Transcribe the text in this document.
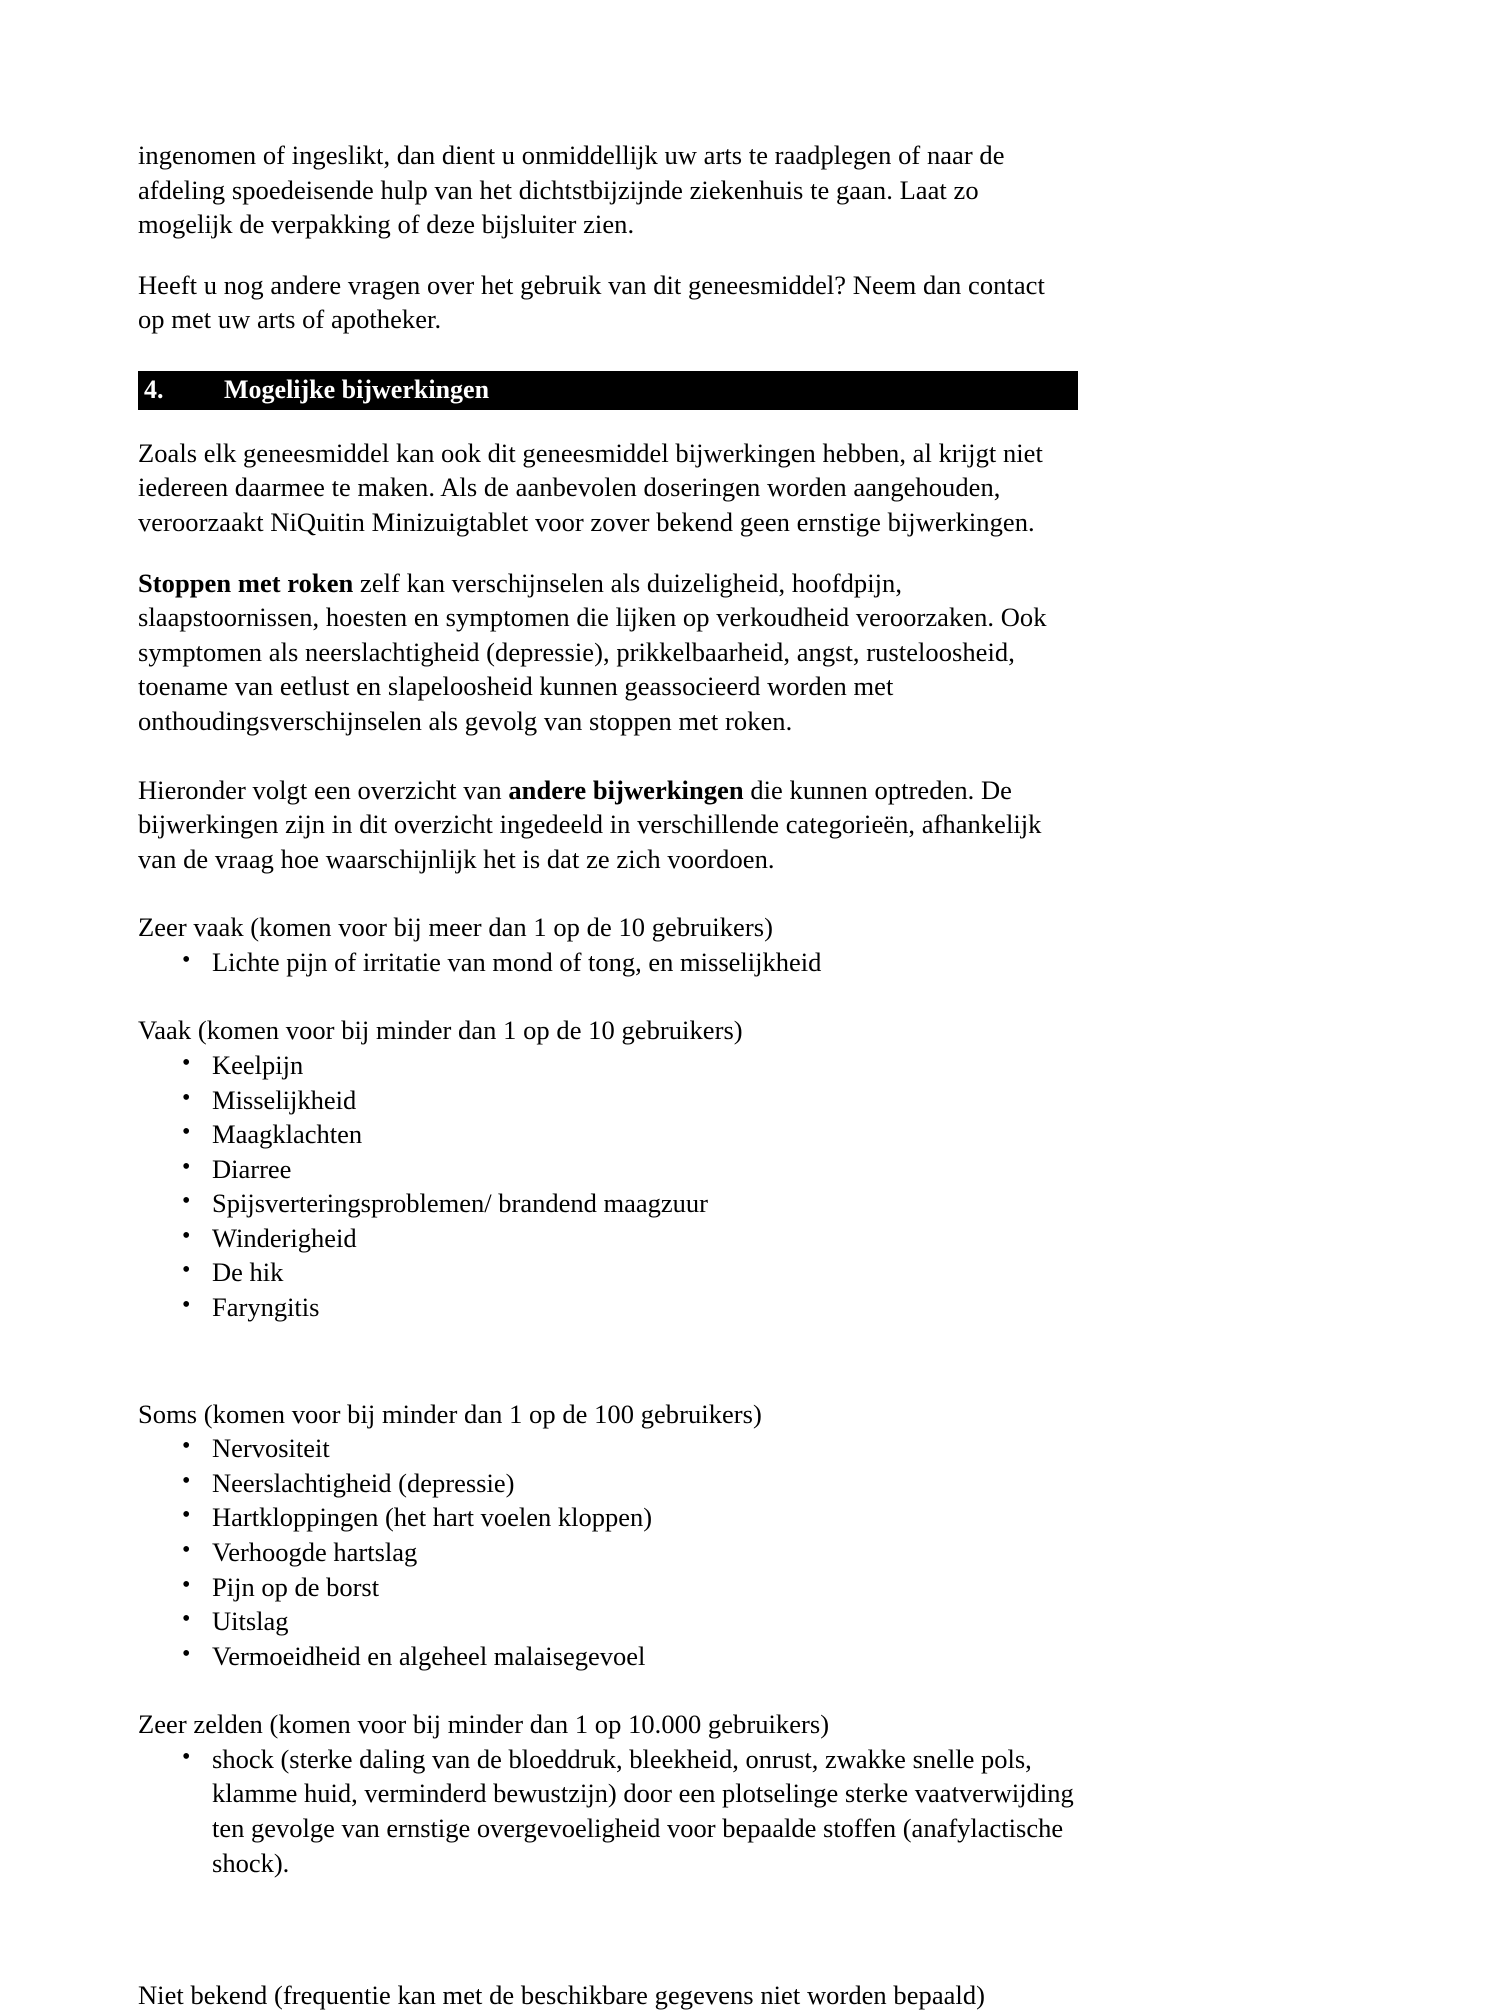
ingenomen of ingeslikt, dan dient u onmiddellijk uw arts te raadplegen of naar de afdeling spoedeisende hulp van het dichtstbijzijnde ziekenhuis te gaan. Laat zo mogelijk de verpakking of deze bijsluiter zien.

Heeft u nog andere vragen over het gebruik van dit geneesmiddel? Neem dan contact op met uw arts of apotheker.

4.	Mogelijke bijwerkingen

Zoals elk geneesmiddel kan ook dit geneesmiddel bijwerkingen hebben, al krijgt niet iedereen daarmee te maken. Als de aanbevolen doseringen worden aangehouden, veroorzaakt NiQuitin Minizuigtablet voor zover bekend geen ernstige bijwerkingen.

Stoppen met roken zelf kan verschijnselen als duizeligheid, hoofdpijn, slaapstoornissen, hoesten en symptomen die lijken op verkoudheid veroorzaken. Ook symptomen als neerslachtigheid (depressie), prikkelbaarheid, angst, rusteloosheid, toename van eetlust en slapeloosheid kunnen geassocieerd worden met onthoudingsverschijnselen als gevolg van stoppen met roken.

Hieronder volgt een overzicht van andere bijwerkingen die kunnen optreden. De bijwerkingen zijn in dit overzicht ingedeeld in verschillende categorieën, afhankelijk van de vraag hoe waarschijnlijk het is dat ze zich voordoen.

Zeer vaak (komen voor bij meer dan 1 op de 10 gebruikers)

• Lichte pijn of irritatie van mond of tong, en misselijkheid

Vaak (komen voor bij minder dan 1 op de 10 gebruikers)

• Keelpijn
• Misselijkheid
• Maagklachten
• Diarree
• Spijsverteringsproblemen/ brandend maagzuur
• Winderigheid
• De hik
• Faryngitis

Soms (komen voor bij minder dan 1 op de 100 gebruikers)

• Nervositeit
• Neerslachtigheid (depressie)
• Hartkloppingen (het hart voelen kloppen)
• Verhoogde hartslag
• Pijn op de borst
• Uitslag
• Vermoeidheid en algeheel malaisegevoel

Zeer zelden (komen voor bij minder dan 1 op 10.000 gebruikers)

• shock (sterke daling van de bloeddruk, bleekheid, onrust, zwakke snelle pols, klamme huid, verminderd bewustzijn) door een plotselinge sterke vaatverwijding ten gevolge van ernstige overgevoeligheid voor bepaalde stoffen (anafylactische shock).

Niet bekend (frequentie kan met de beschikbare gegevens niet worden bepaald)
